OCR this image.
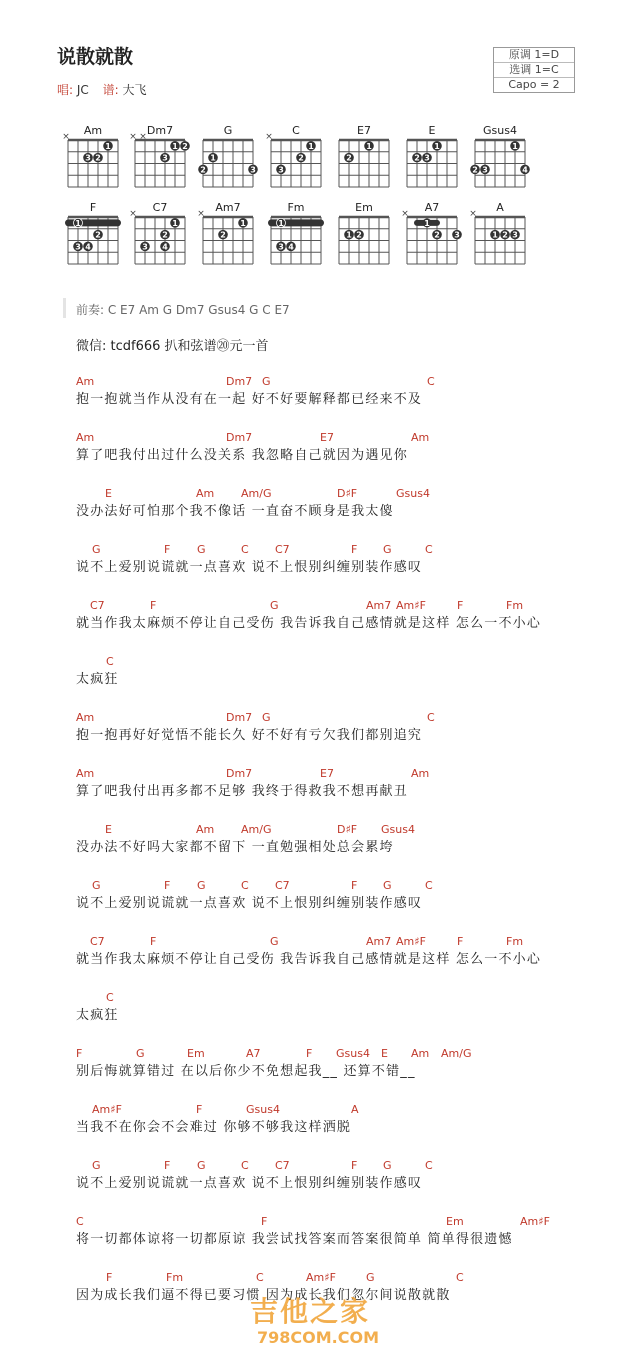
说散就散
唱: JC 谱: 大飞
原调 1=D
选调 1=C
Capo = 2
Am
×
1
2
3
Dm7
× ×
1 2
3
G
1
2	3
C
×
1
2
3
E7
1
2
E
1
2 3
Gsus4
1
2 3	4
F
1
2
3 4
C7
×
1
2
3 4
Am7
×
1
2
Fm
1
3 4
Em
1 2
A7
×
1
2 3
A
×
1 2 3
前奏: C E7 Am G Dm7 Gsus4 G C E7
微信: tcdf666 扒和弦谱⑳元一首
Am	Dm7 G	C
抱一抱就当作从没有在一起 好不好要解释都已经来不及
Am	Dm7	E7	Am
算了吧我付出过什么没关系 我忽略自己就因为遇见你
E	Am Am/G	D♯F	Gsus4
没办法好可怕那个我不像话 一直奋不顾身是我太傻
G	F G	C C7	F G	C
说不上爱别说谎就一点喜欢 说不上恨别纠缠别装作感叹
C7	F	G	Am7 Am♯F	F	Fm
就当作我太麻烦不停让自己受伤 我告诉我自己感情就是这样 怎么一不小心
C
太疯狂
Am	Dm7 G	C
抱一抱再好好觉悟不能长久 好不好有亏欠我们都别追究
Am	Dm7	E7	Am
算了吧我付出再多都不足够 我终于得救我不想再献丑
E	Am Am/G	D♯F Gsus4
没办法不好吗大家都不留下 一直勉强相处总会累垮
G	F G	C C7	F G	C
说不上爱别说谎就一点喜欢 说不上恨别纠缠别装作感叹
C7	F	G	Am7 Am♯F	F	Fm
就当作我太麻烦不停让自己受伤 我告诉我自己感情就是这样 怎么一不小心
C
太疯狂
F	G	Em	A7	F Gsus4 E Am Am/G
别后悔就算错过 在以后你少不免想起我__ 还算不错__
Am♯F	F	Gsus4	A
当我不在你会不会难过 你够不够我这样洒脱
G	F G	C C7	F G	C
说不上爱别说谎就一点喜欢 说不上恨别纠缠别装作感叹
C	F	Em	Am♯F
将一切都体谅将一切都原谅 我尝试找答案而答案很简单 简单得很遗憾
F	Fm	C	Am♯F	G	C
因为成长我们逼不得已要习惯 因为成长我们忽尔间说散就散
吉他之家
798COM.COM
